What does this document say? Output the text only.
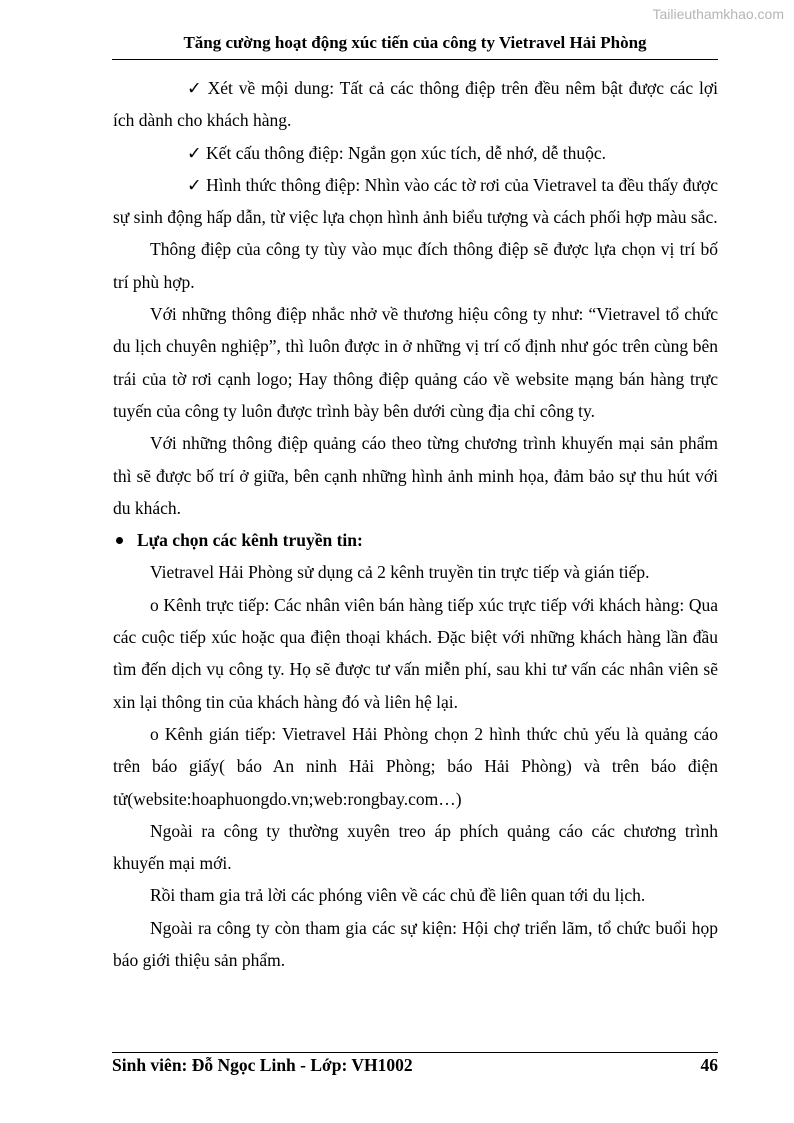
Tailieuthamkhao.com
Tăng cường hoạt động xúc tiến của công ty Vietravel Hải Phòng

✓ Xét về mội dung: Tất cả các thông điệp trên đều nêm bật được các lợi ích dành cho khách hàng.

✓ Kết cấu thông điệp: Ngắn gọn xúc tích, dễ nhớ, dễ thuộc.

✓ Hình thức thông điệp: Nhìn vào các tờ rơi của Vietravel ta đều thấy được sự sinh động hấp dẫn, từ việc lựa chọn hình ảnh biểu tượng và cách phối hợp màu sắc.

Thông điệp của công ty tùy vào mục đích thông điệp sẽ được lựa chọn vị trí bố trí phù hợp.

Với những thông điệp nhắc nhở về thương hiệu công ty như: “Vietravel tổ chức du lịch chuyên nghiệp”, thì luôn được in ở những vị trí cố định như góc trên cùng bên trái của tờ rơi cạnh logo; Hay thông điệp quảng cáo về website mạng bán hàng trực tuyến của công ty luôn được trình bày bên dưới cùng địa chỉ công ty.

Với những thông điệp quảng cáo theo từng chương trình khuyến mại sản phẩm thì sẽ được bố trí ở giữa, bên cạnh những hình ảnh minh họa, đảm bảo sự thu hút với du khách.

Lựa chọn các kênh truyền tin:

Vietravel Hải Phòng sử dụng cả 2 kênh truyền tin trực tiếp và gián tiếp.

o Kênh trực tiếp: Các nhân viên bán hàng tiếp xúc trực tiếp với khách hàng: Qua các cuộc tiếp xúc hoặc qua điện thoại khách. Đặc biệt với những khách hàng lần đầu tìm đến dịch vụ công ty. Họ sẽ được tư vấn miễn phí, sau khi tư vấn các nhân viên sẽ xin lại thông tin của khách hàng đó và liên hệ lại.

o Kênh gián tiếp: Vietravel Hải Phòng chọn 2 hình thức chủ yếu là quảng cáo trên báo giấy( báo An ninh Hải Phòng; báo Hải Phòng) và trên báo điện tử(website:hoaphuongdo.vn;web:rongbay.com…)

Ngoài ra công ty thường xuyên treo áp phích quảng cáo các chương trình khuyến mại mới.

Rồi tham gia trả lời các phóng viên về các chủ đề liên quan tới du lịch.

Ngoài ra công ty còn tham gia các sự kiện: Hội chợ triển lãm, tổ chức buổi họp báo giới thiệu sản phẩm.

Sinh viên: Đỗ Ngọc Linh - Lớp: VH1002	46
